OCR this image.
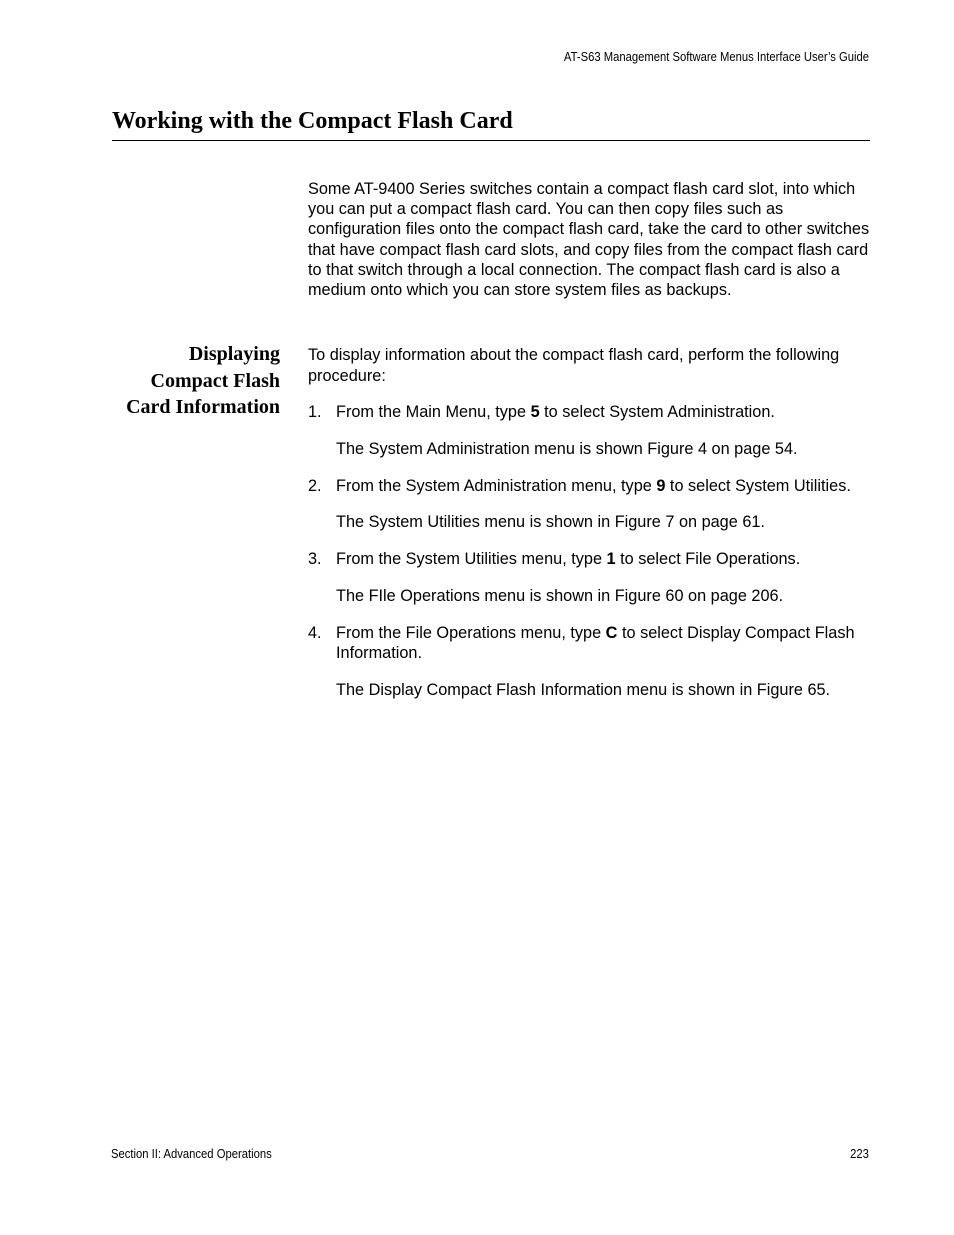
AT-S63 Management Software Menus Interface User’s Guide
Working with the Compact Flash Card

Some AT-9400 Series switches contain a compact flash card slot, into which you can put a compact flash card. You can then copy files such as configuration files onto the compact flash card, take the card to other switches that have compact flash card slots, and copy files from the compact flash card to that switch through a local connection. The compact flash card is also a medium onto which you can store system files as backups.

Displaying
Compact Flash
Card Information

To display information about the compact flash card, perform the following procedure:

1. From the Main Menu, type 5 to select System Administration.

The System Administration menu is shown Figure 4 on page 54.

2. From the System Administration menu, type 9 to select System Utilities.

The System Utilities menu is shown in Figure 7 on page 61.

3. From the System Utilities menu, type 1 to select File Operations.

The FIle Operations menu is shown in Figure 60 on page 206.

4. From the File Operations menu, type C to select Display Compact Flash Information.

The Display Compact Flash Information menu is shown in Figure 65.

Section II: Advanced Operations	223
